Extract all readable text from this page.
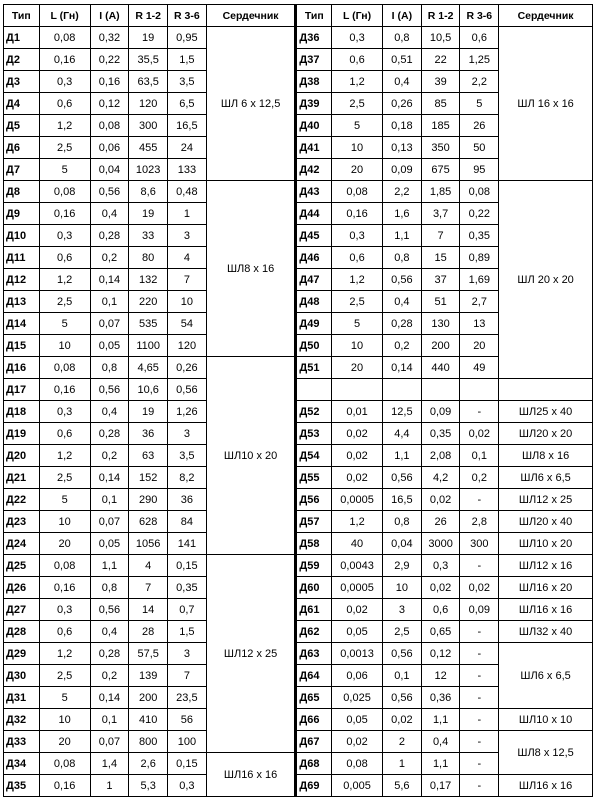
Тип	L (Гн)	I (A)	R 1-2	R 3-6	Сердечник	Тип	L (Гн)	I (A)	R 1-2	R 3-6	Сердечник
Д1	0,08	0,32	19	0,95	ШЛ 6 x 12,5	Д36	0,3	0,8	10,5	0,6	ШЛ 16 x 16
Д2	0,16	0,22	35,5	1,5		Д37	0,6	0,51	22	1,25	
Д3	0,3	0,16	63,5	3,5		Д38	1,2	0,4	39	2,2	
Д4	0,6	0,12	120	6,5		Д39	2,5	0,26	85	5	
Д5	1,2	0,08	300	16,5		Д40	5	0,18	185	26	
Д6	2,5	0,06	455	24		Д41	10	0,13	350	50	
Д7	5	0,04	1023	133		Д42	20	0,09	675	95	
Д8	0,08	0,56	8,6	0,48	ШЛ8 x 16	Д43	0,08	2,2	1,85	0,08	ШЛ 20 x 20
Д9	0,16	0,4	19	1		Д44	0,16	1,6	3,7	0,22	
Д10	0,3	0,28	33	3		Д45	0,3	1,1	7	0,35	
Д11	0,6	0,2	80	4		Д46	0,6	0,8	15	0,89	
Д12	1,2	0,14	132	7		Д47	1,2	0,56	37	1,69	
Д13	2,5	0,1	220	10		Д48	2,5	0,4	51	2,7	
Д14	5	0,07	535	54		Д49	5	0,28	130	13	
Д15	10	0,05	1100	120		Д50	10	0,2	200	20	
Д16	0,08	0,8	4,65	0,26	ШЛ10 x 20	Д51	20	0,14	440	49	
Д17	0,16	0,56	10,6	0,56							
Д18	0,3	0,4	19	1,26		Д52	0,01	12,5	0,09	-	ШЛ25 x 40
Д19	0,6	0,28	36	3		Д53	0,02	4,4	0,35	0,02	ШЛ20 x 20
Д20	1,2	0,2	63	3,5		Д54	0,02	1,1	2,08	0,1	ШЛ8 x 16
Д21	2,5	0,14	152	8,2		Д55	0,02	0,56	4,2	0,2	ШЛ6 x 6,5
Д22	5	0,1	290	36		Д56	0,0005	16,5	0,02	-	ШЛ12 x 25
Д23	10	0,07	628	84		Д57	1,2	0,8	26	2,8	ШЛ20 x 40
Д24	20	0,05	1056	141		Д58	40	0,04	3000	300	ШЛ10 x 20
Д25	0,08	1,1	4	0,15	ШЛ12 x 25	Д59	0,0043	2,9	0,3	-	ШЛ12 x 16
Д26	0,16	0,8	7	0,35		Д60	0,0005	10	0,02	0,02	ШЛ16 x 20
Д27	0,3	0,56	14	0,7		Д61	0,02	3	0,6	0,09	ШЛ16 x 16
Д28	0,6	0,4	28	1,5		Д62	0,05	2,5	0,65	-	ШЛ32 x 40
Д29	1,2	0,28	57,5	3		Д63	0,0013	0,56	0,12	-	ШЛ6 x 6,5
Д30	2,5	0,2	139	7		Д64	0,06	0,1	12	-	
Д31	5	0,14	200	23,5		Д65	0,025	0,56	0,36	-	
Д32	10	0,1	410	56		Д66	0,05	0,02	1,1	-	ШЛ10 x 10
Д33	20	0,07	800	100		Д67	0,02	2	0,4	-	ШЛ8 x 12,5
Д34	0,08	1,4	2,6	0,15	ШЛ16 x 16	Д68	0,08	1	1,1	-	
Д35	0,16	1	5,3	0,3		Д69	0,005	5,6	0,17	-	ШЛ16 x 16
